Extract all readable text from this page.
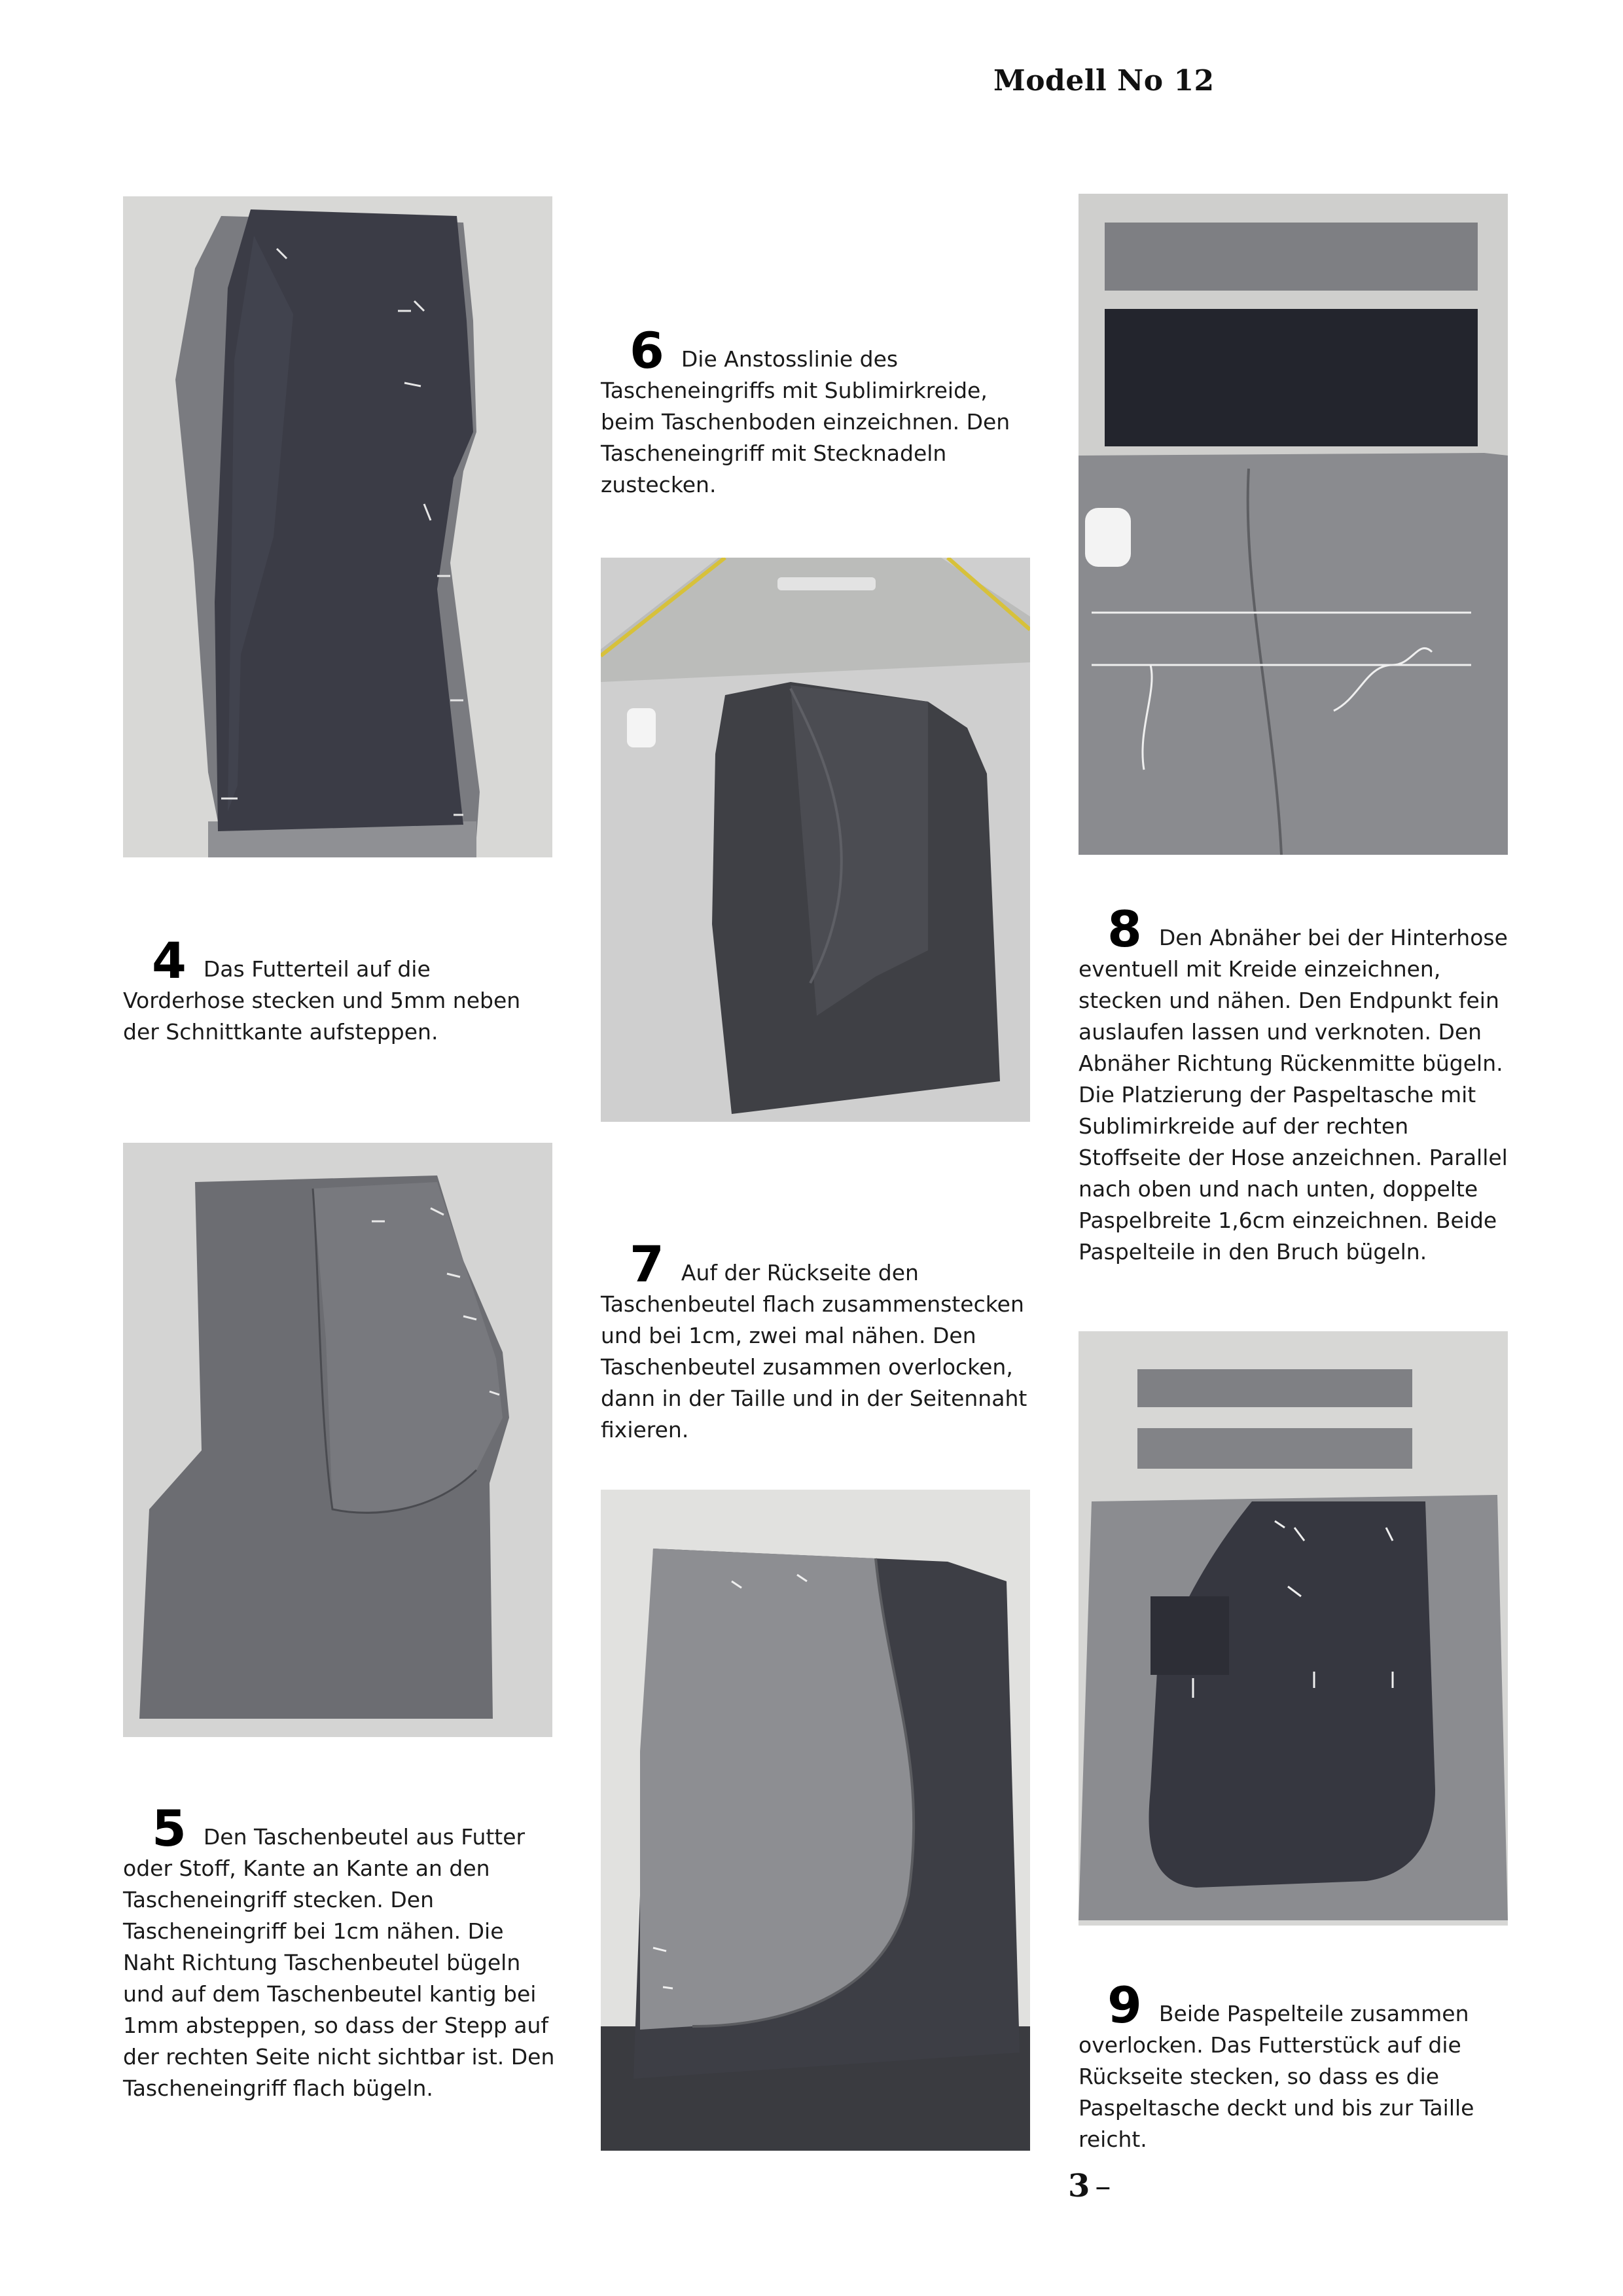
Modell No 12
6 Die Anstosslinie des Tascheneingriffs mit Sublimirkreide, beim Taschenboden einzeichnen. Den Tascheneingriff mit Stecknadeln zustecken.
4 Das Futterteil auf die Vorderhose stecken und 5mm neben der Schnittkante aufsteppen.
8 Den Abnäher bei der Hinterhose eventuell mit Kreide einzeichnen, stecken und nähen. Den Endpunkt fein auslaufen lassen und verknoten. Den Abnäher Richtung Rückenmitte bügeln. Die Platzierung der Paspeltasche mit Sublimirkreide auf der rechten Stoffseite der Hose anzeichnen. Parallel nach oben und nach unten, doppelte Paspelbreite 1,6cm einzeichnen. Beide Paspelteile in den Bruch bügeln.
7 Auf der Rückseite den Taschenbeutel flach zusammenstecken und bei 1cm, zwei mal nähen. Den Taschenbeutel zusammen overlocken, dann in der Taille und in der Seitennaht fixieren.
5 Den Taschenbeutel aus Futter oder Stoff, Kante an Kante an den Tascheneingriff stecken. Den Tascheneingriff bei 1cm nähen. Die Naht Richtung Taschenbeutel bügeln und auf dem Taschenbeutel kantig bei 1mm absteppen, so dass der Stepp auf der rechten Seite nicht sichtbar ist. Den Tascheneingriff flach bügeln.
9 Beide Paspelteile zusammen overlocken. Das Futterstück auf die Rückseite stecken, so dass es die Paspeltasche deckt und bis zur Taille reicht.
3 –
